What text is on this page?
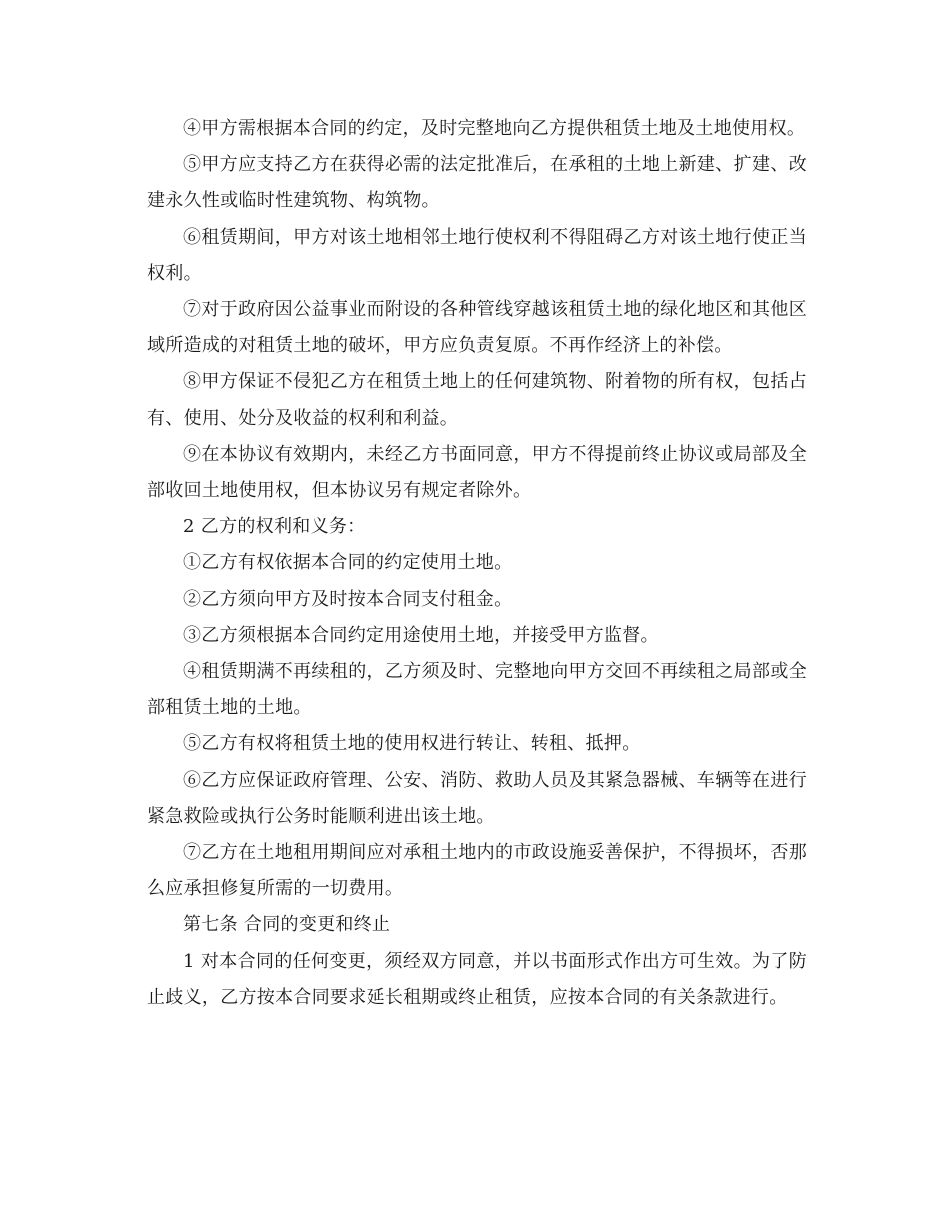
④甲方需根据本合同的约定，及时完整地向乙方提供租赁土地及土地使用权。

⑤甲方应支持乙方在获得必需的法定批准后，在承租的土地上新建、扩建、改建永久性或临时性建筑物、构筑物。

⑥租赁期间，甲方对该土地相邻土地行使权利不得阻碍乙方对该土地行使正当权利。

⑦对于政府因公益事业而附设的各种管线穿越该租赁土地的绿化地区和其他区域所造成的对租赁土地的破坏，甲方应负责复原。不再作经济上的补偿。

⑧甲方保证不侵犯乙方在租赁土地上的任何建筑物、附着物的所有权，包括占有、使用、处分及收益的权利和利益。

⑨在本协议有效期内，未经乙方书面同意，甲方不得提前终止协议或局部及全部收回土地使用权，但本协议另有规定者除外。

2 乙方的权利和义务：

①乙方有权依据本合同的约定使用土地。

②乙方须向甲方及时按本合同支付租金。

③乙方须根据本合同约定用途使用土地，并接受甲方监督。

④租赁期满不再续租的，乙方须及时、完整地向甲方交回不再续租之局部或全部租赁土地的土地。

⑤乙方有权将租赁土地的使用权进行转让、转租、抵押。

⑥乙方应保证政府管理、公安、消防、救助人员及其紧急器械、车辆等在进行紧急救险或执行公务时能顺利进出该土地。

⑦乙方在土地租用期间应对承租土地内的市政设施妥善保护，不得损坏，否那么应承担修复所需的一切费用。

第七条 合同的变更和终止

1 对本合同的任何变更，须经双方同意，并以书面形式作出方可生效。为了防止歧义，乙方按本合同要求延长租期或终止租赁，应按本合同的有关条款进行。
